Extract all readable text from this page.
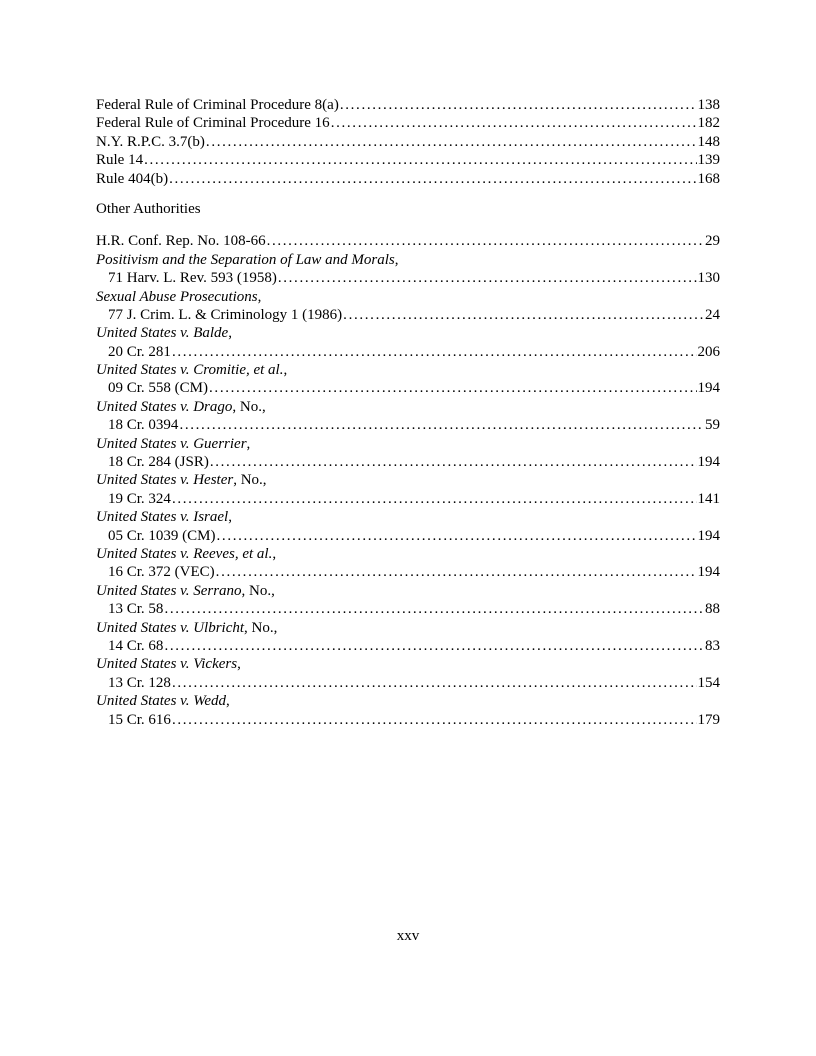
Federal Rule of Criminal Procedure 8(a) . . .	138
Federal Rule of Criminal Procedure 16 . . .	182
N.Y. R.P.C. 3.7(b) . . .	148
Rule 14 . . .	139
Rule 404(b) . . .	168
Other Authorities
H.R. Conf. Rep. No. 108-66 . . .	29
Positivism and the Separation of Law and Morals,
71 Harv. L. Rev. 593 (1958) . . .	130
Sexual Abuse Prosecutions,
77 J. Crim. L. & Criminology 1 (1986) . . .	24
United States v. Balde,
20 Cr. 281 . . .	206
United States v. Cromitie, et al.,
09 Cr. 558 (CM) . . .	194
United States v. Drago, No.,
18 Cr. 0394 . . .	59
United States v. Guerrier,
18 Cr. 284 (JSR) . . .	194
United States v. Hester, No.,
19 Cr. 324 . . .	141
United States v. Israel,
05 Cr. 1039 (CM) . . .	194
United States v. Reeves, et al.,
16 Cr. 372 (VEC) . . .	194
United States v. Serrano, No.,
13 Cr. 58 . . .	88
United States v. Ulbricht, No.,
14 Cr. 68 . . .	83
United States v. Vickers,
13 Cr. 128 . . .	154
United States v. Wedd,
15 Cr. 616 . . .	179
xxv
